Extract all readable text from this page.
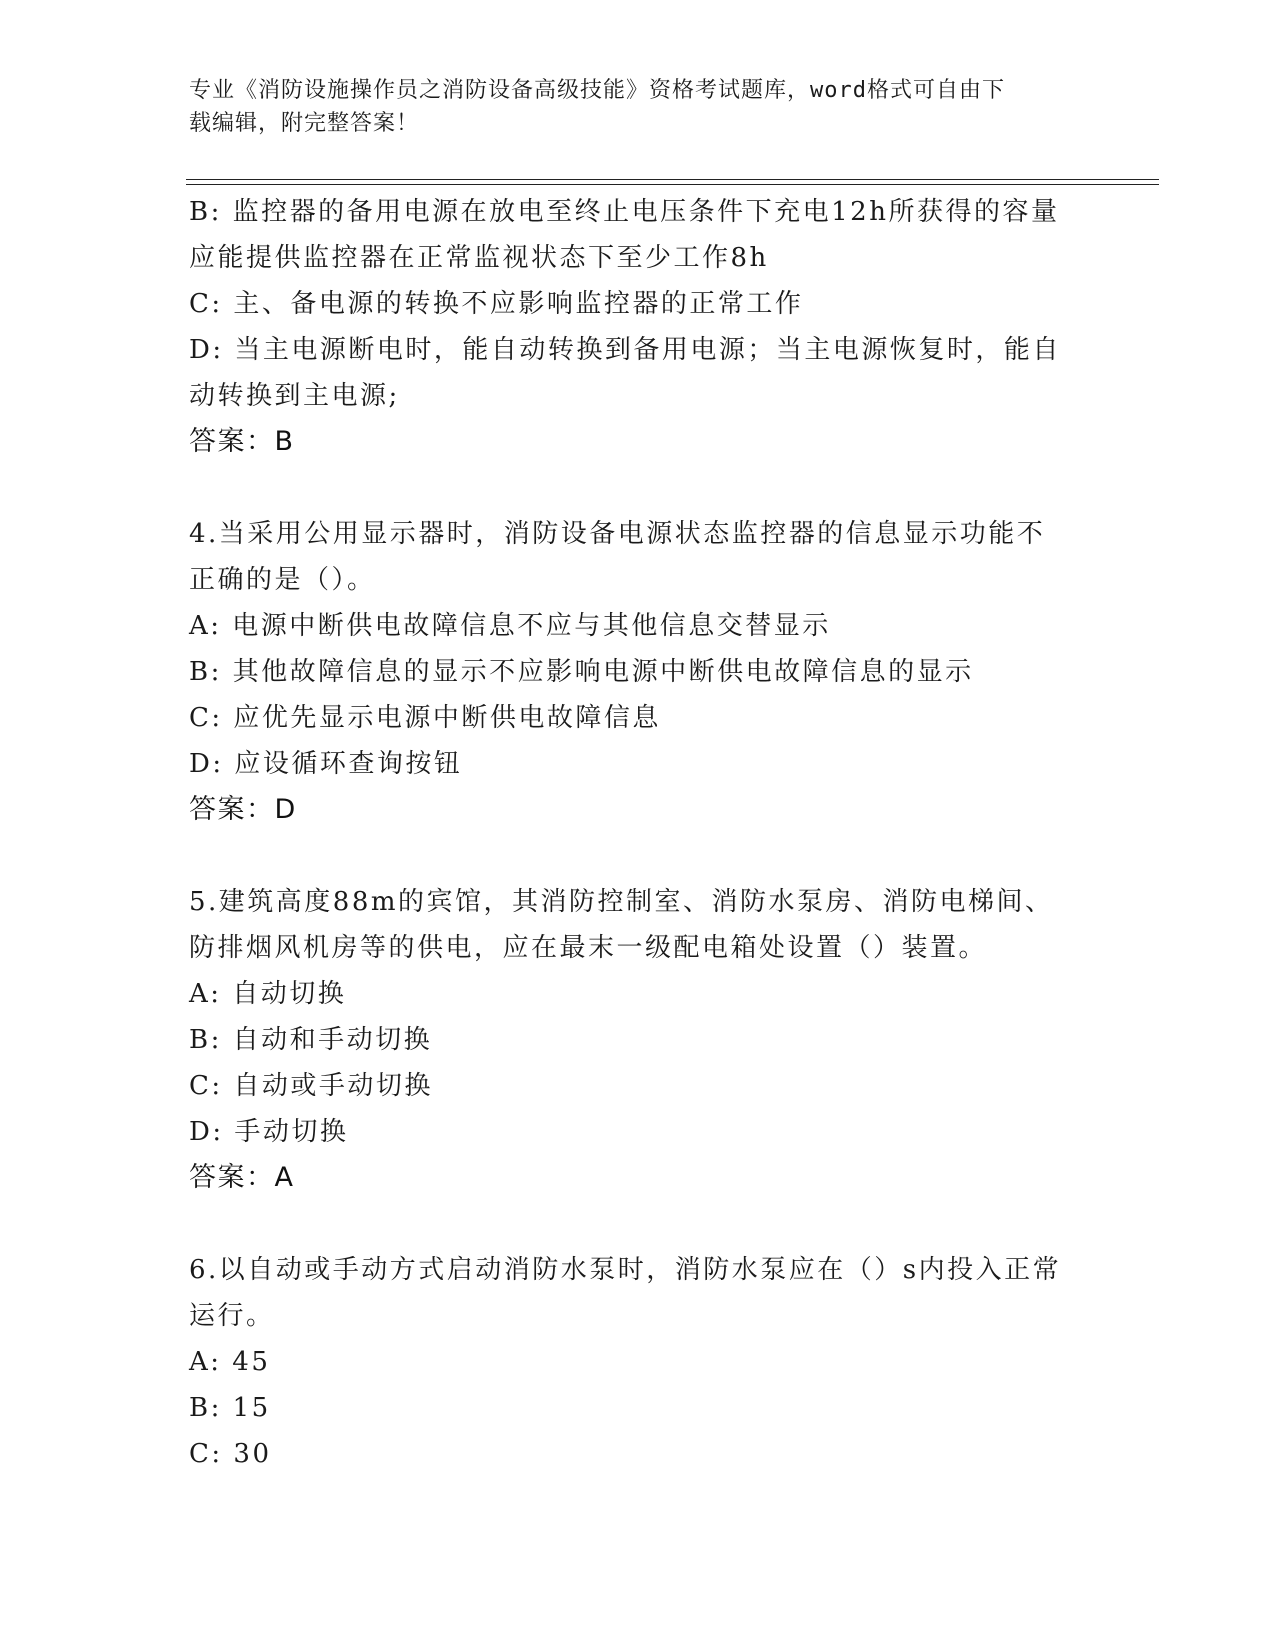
专业《消防设施操作员之消防设备高级技能》资格考试题库，word格式可自由下
载编辑，附完整答案！
B: 监控器的备用电源在放电至终止电压条件下充电12h所获得的容量
应能提供监控器在正常监视状态下至少工作8h
C: 主、备电源的转换不应影响监控器的正常工作
D: 当主电源断电时，能自动转换到备用电源；当主电源恢复时，能自
动转换到主电源;
答案：B
4.当采用公用显示器时，消防设备电源状态监控器的信息显示功能不
正确的是（）。
A: 电源中断供电故障信息不应与其他信息交替显示
B: 其他故障信息的显示不应影响电源中断供电故障信息的显示
C: 应优先显示电源中断供电故障信息
D: 应设循环查询按钮
答案：D
5.建筑高度88m的宾馆，其消防控制室、消防水泵房、消防电梯间、
防排烟风机房等的供电，应在最末一级配电箱处设置（）装置。
A: 自动切换
B: 自动和手动切换
C: 自动或手动切换
D: 手动切换
答案：A
6.以自动或手动方式启动消防水泵时，消防水泵应在（）s内投入正常
运行。
A: 45
B: 15
C: 30
